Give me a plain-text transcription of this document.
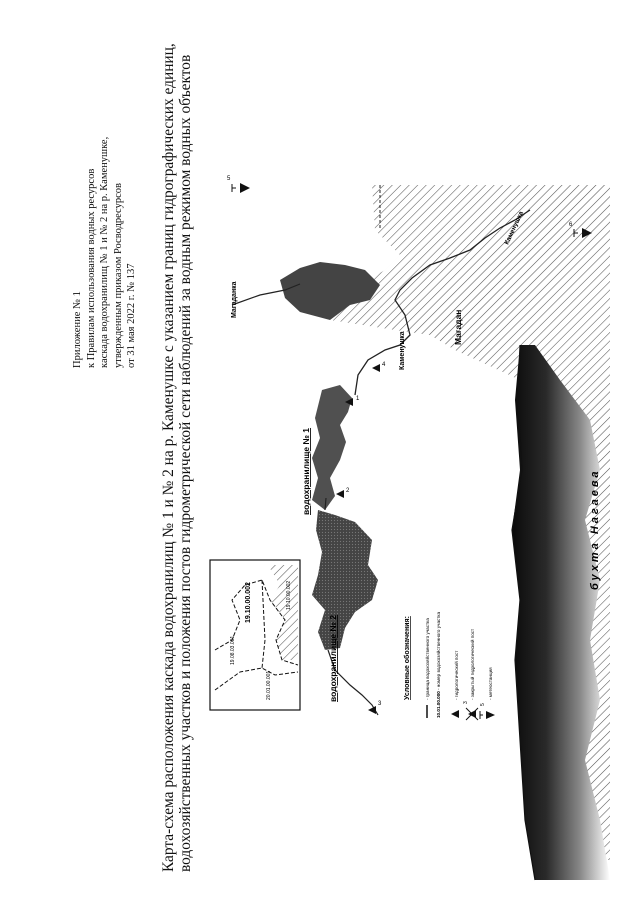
Приложение № 1 к Правилам использования водных ресурсов каскада водохранилищ № 1 и № 2 на р. Каменушке, утвержденным приказом Росводресурсов от 31 мая 2022 г. № 137 Карта-схема расположения каскада водохранилищ № 1 и № 2 на р. Каменушке с указанием границ гидрографических единиц, водохозяйственных участков и положения постов гидрометрической сети наблюдений за водным режимом водных объектов	водохранилище № 1
водохранилище № 2
Магаданка
Каменушка
Каменушка
Магадан
бухта Нагаева
1
2
3
4
5
6
19.10.00.002
19.08.03.001
20.01.00.001
19.10.00.002
Условные обозначения:	- граница водохозяйственного участка
10.01.00.000
- номер водохозяйственного участка	- гидрологический пост
3
- закрытый гидрологический пост
5
- метеостанция
